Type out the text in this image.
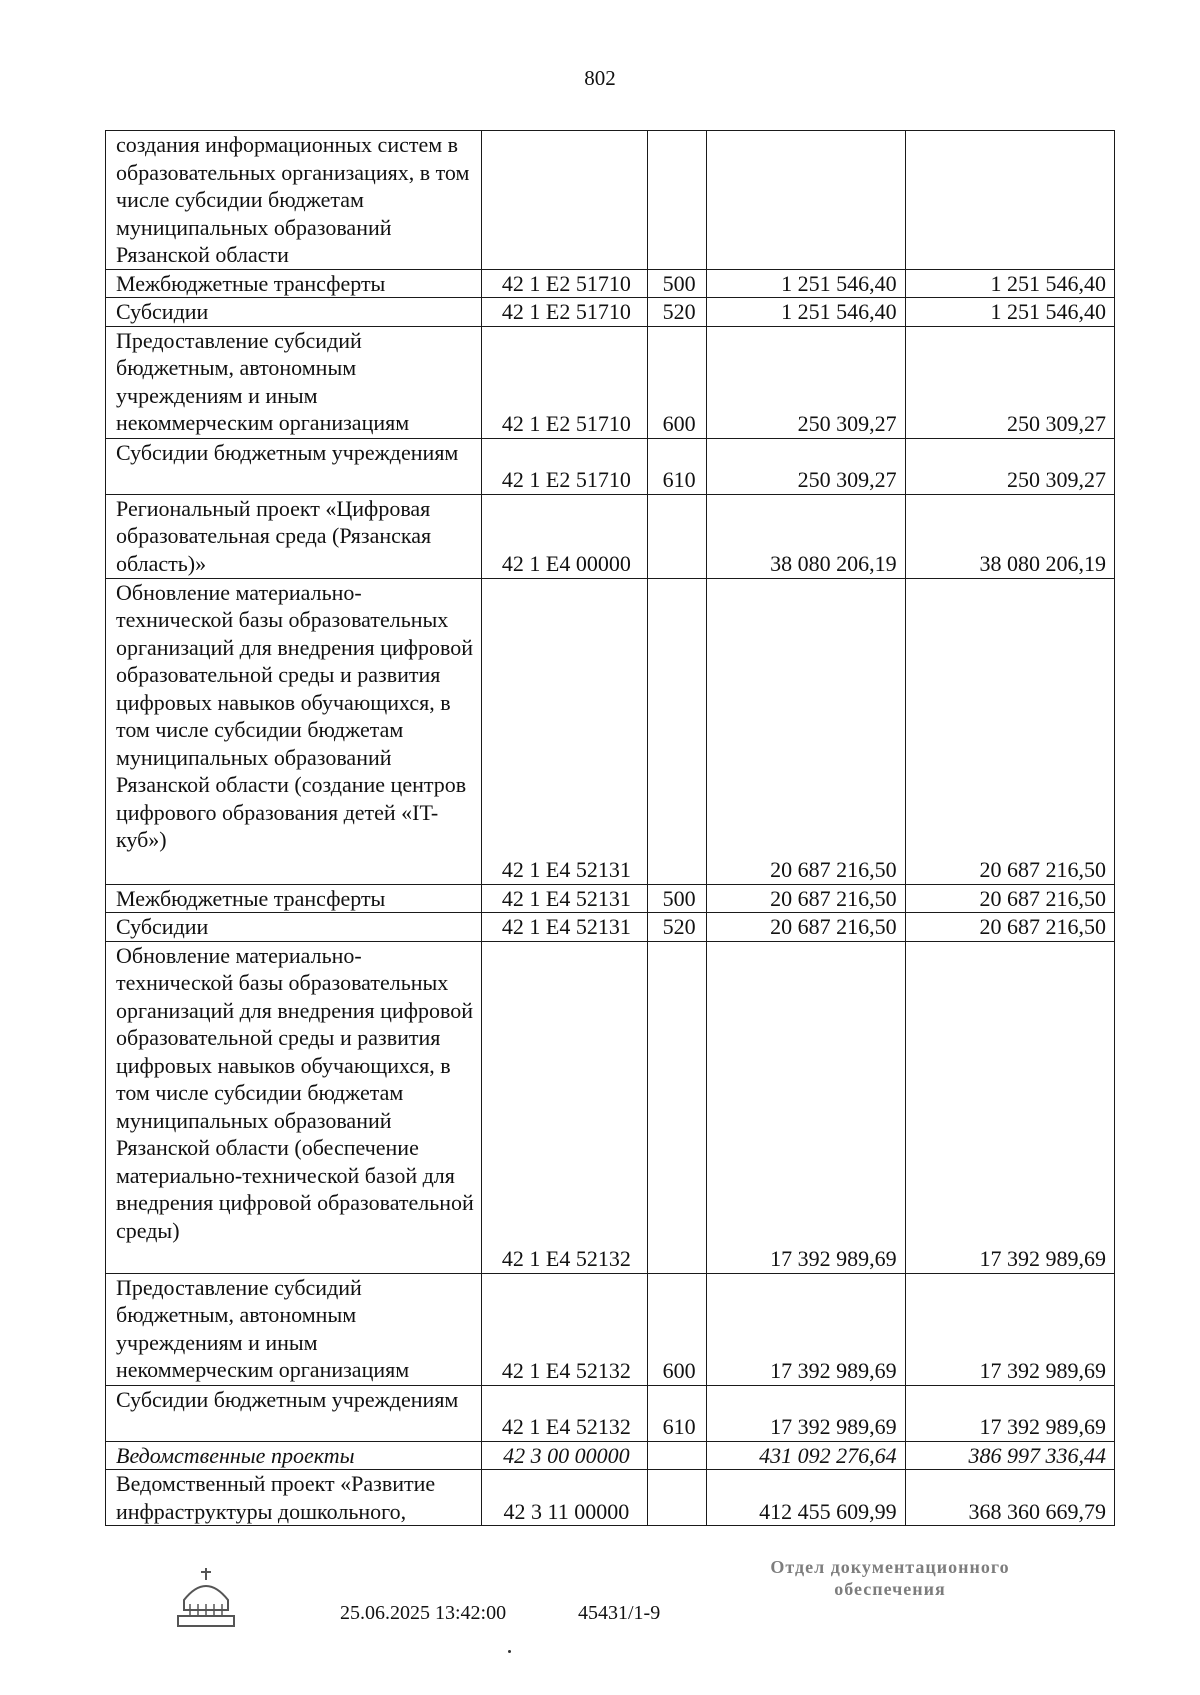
802
создания информационных систем в образовательных организациях, в том числе субсидии бюджетам муниципальных образований Рязанской области				
Межбюджетные трансферты	42 1 E2 51710	500	1 251 546,40	1 251 546,40
Субсидии	42 1 E2 51710	520	1 251 546,40	1 251 546,40
Предоставление субсидий бюджетным, автономным учреждениям и иным некоммерческим организациям	42 1 E2 51710	600	250 309,27	250 309,27
Субсидии бюджетным учреждениям	42 1 E2 51710	610	250 309,27	250 309,27
Региональный проект «Цифровая образовательная среда (Рязанская область)»	42 1 E4 00000		38 080 206,19	38 080 206,19
Обновление материально-технической базы образовательных организаций для внедрения цифровой образовательной среды и развития цифровых навыков обучающихся, в том числе субсидии бюджетам муниципальных образований Рязанской области (создание центров цифрового образования детей «IT-куб»)	42 1 E4 52131		20 687 216,50	20 687 216,50
Межбюджетные трансферты	42 1 E4 52131	500	20 687 216,50	20 687 216,50
Субсидии	42 1 E4 52131	520	20 687 216,50	20 687 216,50
Обновление материально-технической базы образовательных организаций для внедрения цифровой образовательной среды и развития цифровых навыков обучающихся, в том числе субсидии бюджетам муниципальных образований Рязанской области (обеспечение материально-технической базой для внедрения цифровой образовательной среды)	42 1 E4 52132		17 392 989,69	17 392 989,69
Предоставление субсидий бюджетным, автономным учреждениям и иным некоммерческим организациям	42 1 E4 52132	600	17 392 989,69	17 392 989,69
Субсидии бюджетным учреждениям	42 1 E4 52132	610	17 392 989,69	17 392 989,69
Ведомственные проекты	42 3 00 00000		431 092 276,64	386 997 336,44
Ведомственный проект «Развитие инфраструктуры дошкольного,	42 3 11 00000		412 455 609,99	368 360 669,79
25.06.2025 13:42:00	45431/1-9
Отдел документационного
обеспечения
